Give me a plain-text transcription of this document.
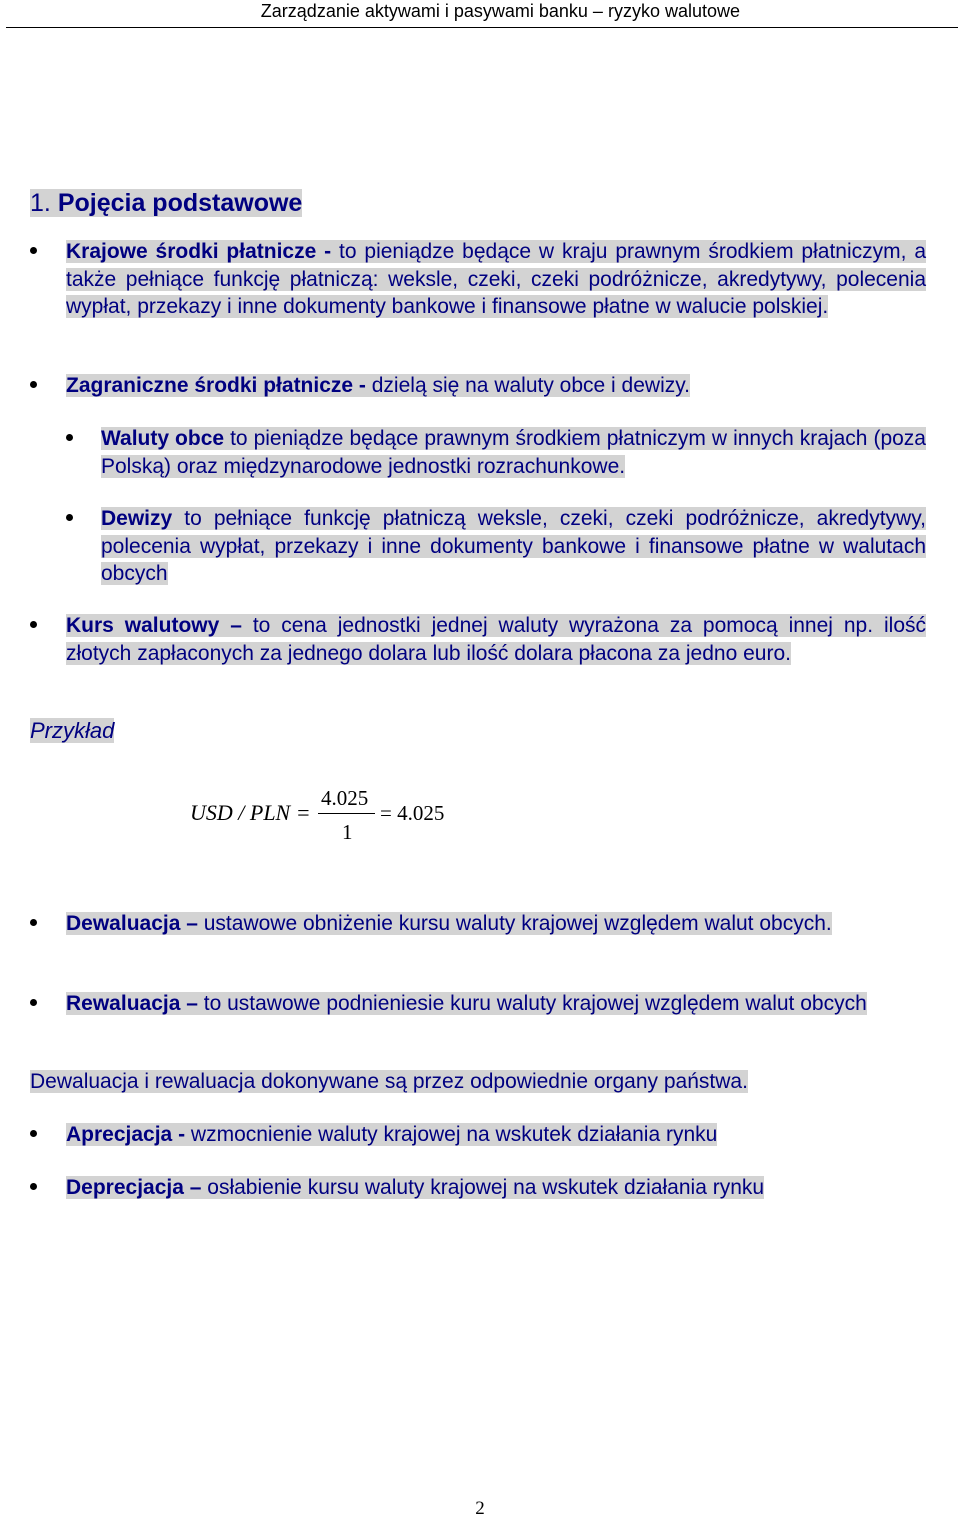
Zarządzanie aktywami i pasywami banku – ryzyko walutowe
1. Pojęcia podstawowe
Krajowe środki płatnicze - to pieniądze będące w kraju prawnym środkiem płatniczym, a także pełniące funkcję płatniczą: weksle, czeki, czeki podróżnicze, akredytywy, polecenia wypłat, przekazy i inne dokumenty bankowe i finansowe płatne w walucie polskiej.
Zagraniczne środki płatnicze - dzielą się na waluty obce i dewizy.
Waluty obce to pieniądze będące prawnym środkiem płatniczym w innych krajach (poza Polską) oraz międzynarodowe jednostki rozrachunkowe.
Dewizy to pełniące funkcję płatniczą weksle, czeki, czeki podróżnicze, akredytywy, polecenia wypłat, przekazy i inne dokumenty bankowe i finansowe płatne w walutach obcych
Kurs walutowy – to cena jednostki jednej waluty wyrażona za pomocą innej np. ilość złotych zapłaconych za jednego dolara lub ilość dolara płacona za jedno euro.
Przykład
USD / PLN =
4.025
1
= 4.025
Dewaluacja – ustawowe obniżenie kursu waluty krajowej względem walut obcych.
Rewaluacja – to ustawowe podnieniesie kuru waluty krajowej względem walut obcych
Dewaluacja i rewaluacja dokonywane są przez odpowiednie organy państwa.
Aprecjacja - wzmocnienie waluty krajowej na wskutek działania rynku
Deprecjacja – osłabienie kursu waluty krajowej na wskutek działania rynku
2
